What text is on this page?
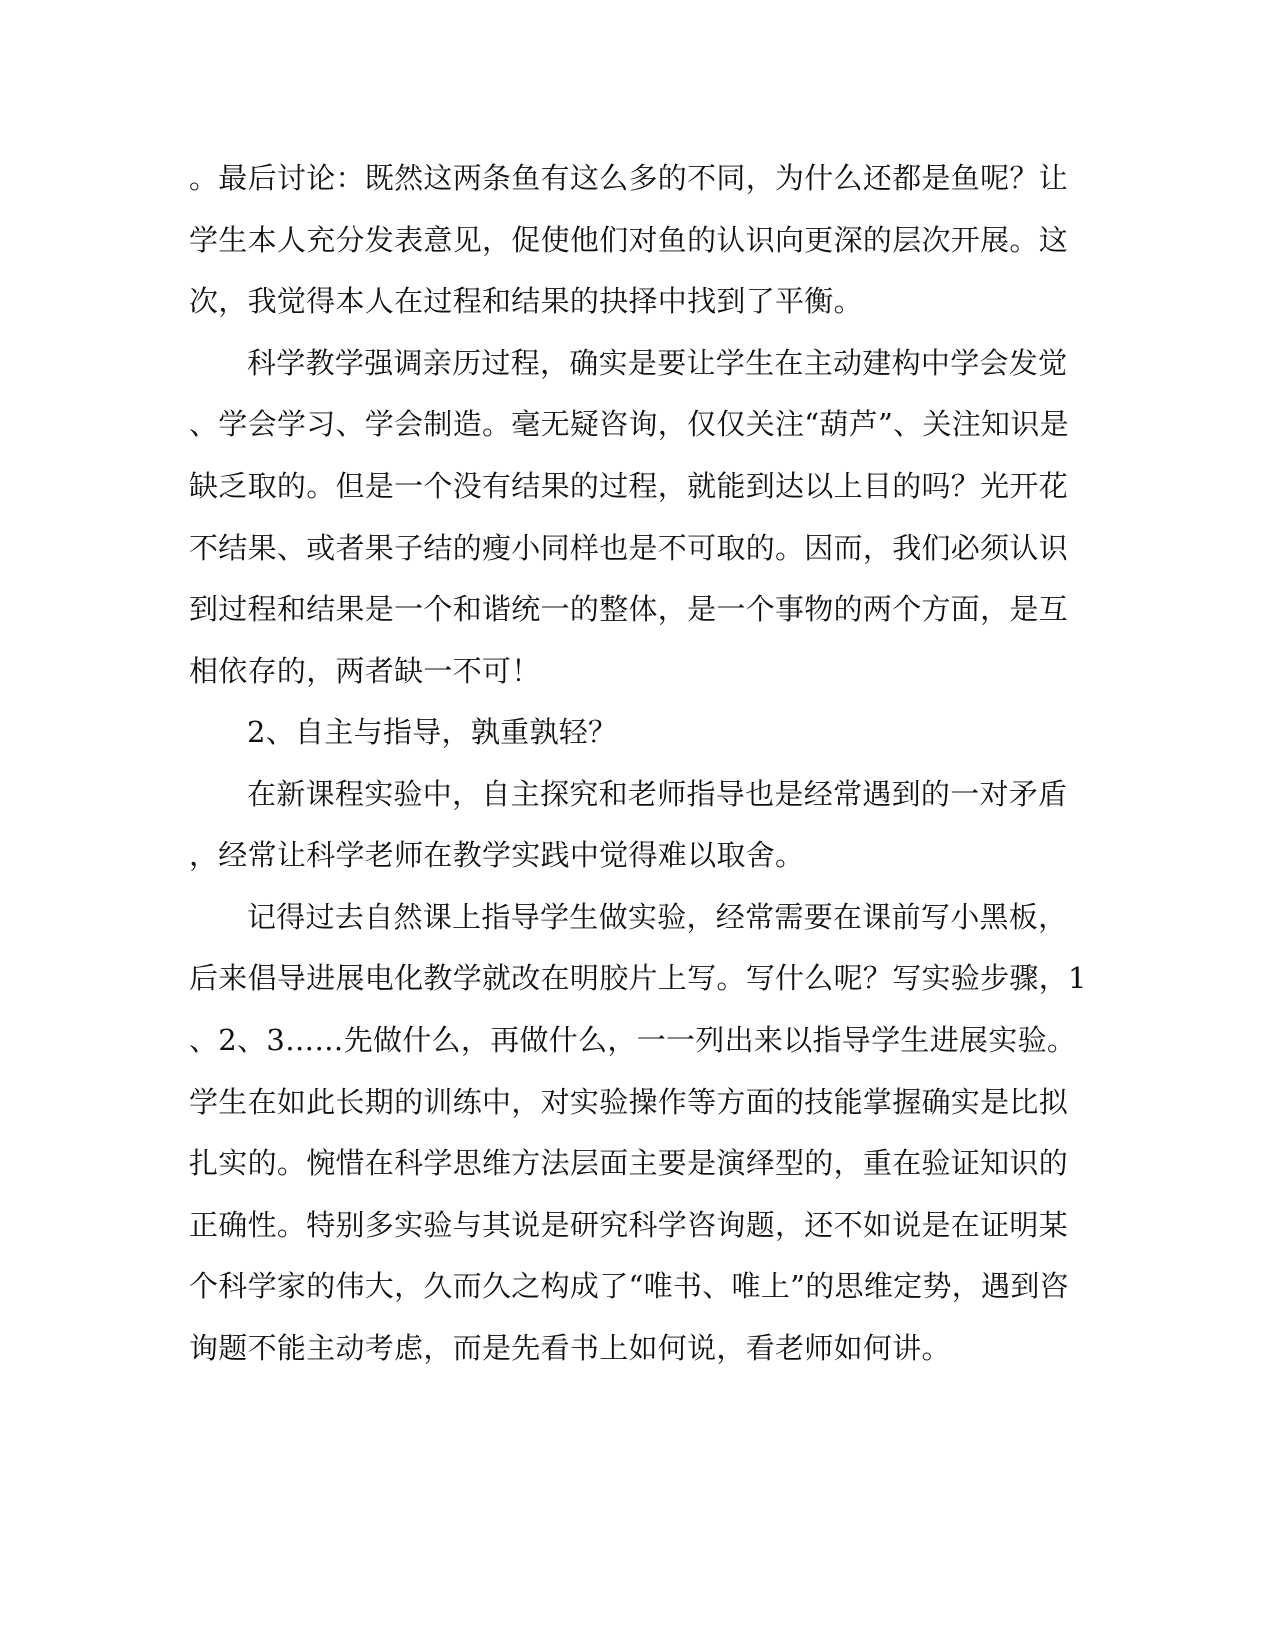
。最后讨论：既然这两条鱼有这么多的不同，为什么还都是鱼呢？让
学生本人充分发表意见，促使他们对鱼的认识向更深的层次开展。这
次，我觉得本人在过程和结果的抉择中找到了平衡。
科学教学强调亲历过程，确实是要让学生在主动建构中学会发觉
、学会学习、学会制造。毫无疑咨询，仅仅关注“葫芦”、关注知识是
缺乏取的。但是一个没有结果的过程，就能到达以上目的吗？光开花
不结果、或者果子结的瘦小同样也是不可取的。因而，我们必须认识
到过程和结果是一个和谐统一的整体，是一个事物的两个方面，是互
相依存的，两者缺一不可！
2、自主与指导，孰重孰轻？
在新课程实验中，自主探究和老师指导也是经常遇到的一对矛盾
，经常让科学老师在教学实践中觉得难以取舍。
记得过去自然课上指导学生做实验，经常需要在课前写小黑板，
后来倡导进展电化教学就改在明胶片上写。写什么呢？写实验步骤，1
、2、3……先做什么，再做什么，一一列出来以指导学生进展实验。
学生在如此长期的训练中，对实验操作等方面的技能掌握确实是比拟
扎实的。惋惜在科学思维方法层面主要是演绎型的，重在验证知识的
正确性。特别多实验与其说是研究科学咨询题，还不如说是在证明某
个科学家的伟大，久而久之构成了“唯书、唯上”的思维定势，遇到咨
询题不能主动考虑，而是先看书上如何说，看老师如何讲。
